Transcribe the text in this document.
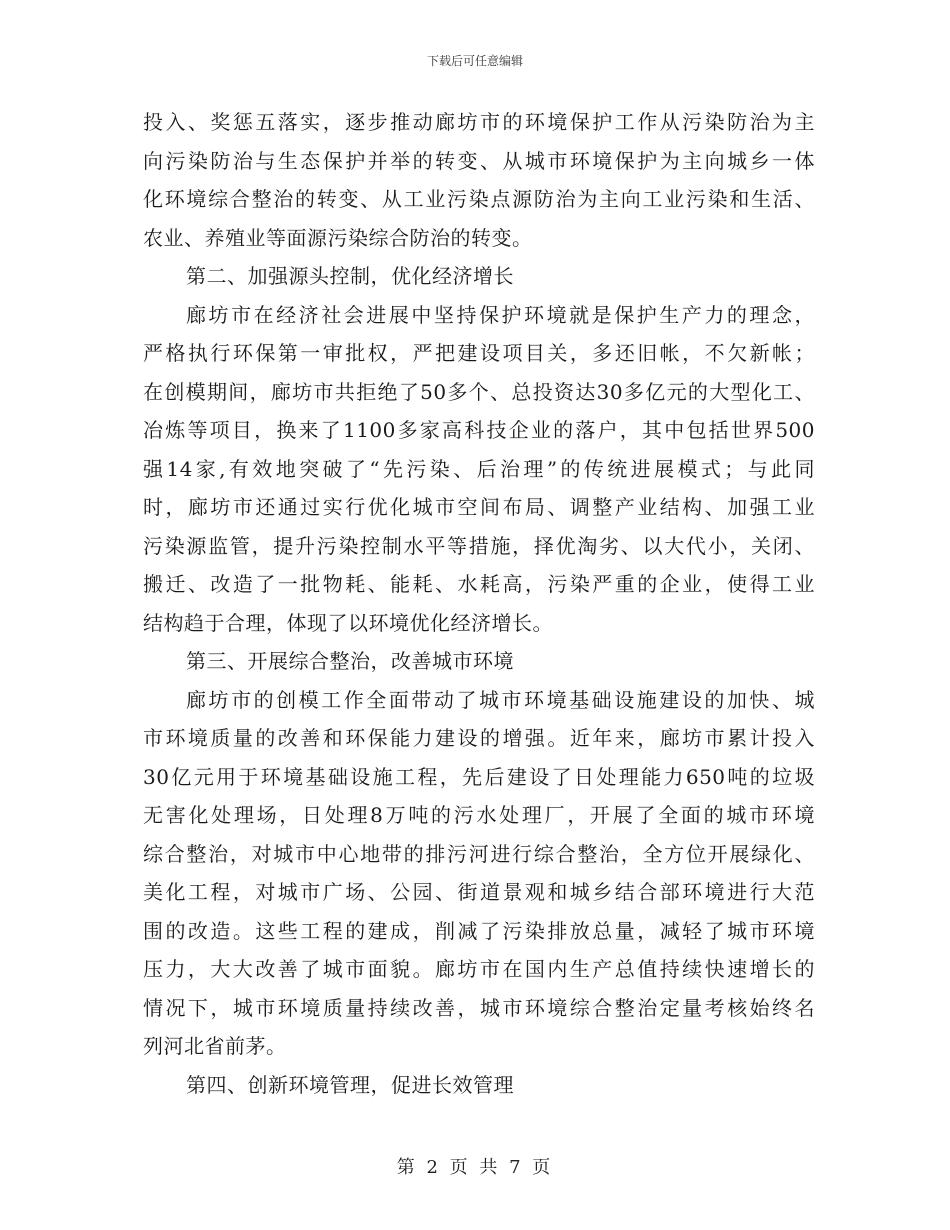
下载后可任意编辑
投入、奖惩五落实，逐步推动廊坊市的环境保护工作从污染防治为主
向污染防治与生态保护并举的转变、从城市环境保护为主向城乡一体
化环境综合整治的转变、从工业污染点源防治为主向工业污染和生活、
农业、养殖业等面源污染综合防治的转变。
第二、加强源头控制，优化经济增长
廊坊市在经济社会进展中坚持保护环境就是保护生产力的理念，
严格执行环保第一审批权，严把建设项目关，多还旧帐，不欠新帐；
在创模期间，廊坊市共拒绝了50多个、总投资达30多亿元的大型化工、
冶炼等项目，换来了1100多家高科技企业的落户，其中包括世界500
强14家,有效地突破了“先污染、后治理”的传统进展模式；与此同
时，廊坊市还通过实行优化城市空间布局、调整产业结构、加强工业
污染源监管，提升污染控制水平等措施，择优淘劣、以大代小，关闭、
搬迁、改造了一批物耗、能耗、水耗高，污染严重的企业，使得工业
结构趋于合理，体现了以环境优化经济增长。
第三、开展综合整治，改善城市环境
廊坊市的创模工作全面带动了城市环境基础设施建设的加快、城
市环境质量的改善和环保能力建设的增强。近年来，廊坊市累计投入
30亿元用于环境基础设施工程，先后建设了日处理能力650吨的垃圾
无害化处理场，日处理8万吨的污水处理厂，开展了全面的城市环境
综合整治，对城市中心地带的排污河进行综合整治，全方位开展绿化、
美化工程，对城市广场、公园、街道景观和城乡结合部环境进行大范
围的改造。这些工程的建成，削减了污染排放总量，减轻了城市环境
压力，大大改善了城市面貌。廊坊市在国内生产总值持续快速增长的
情况下，城市环境质量持续改善，城市环境综合整治定量考核始终名
列河北省前茅。
第四、创新环境管理，促进长效管理
第 2 页 共 7 页
